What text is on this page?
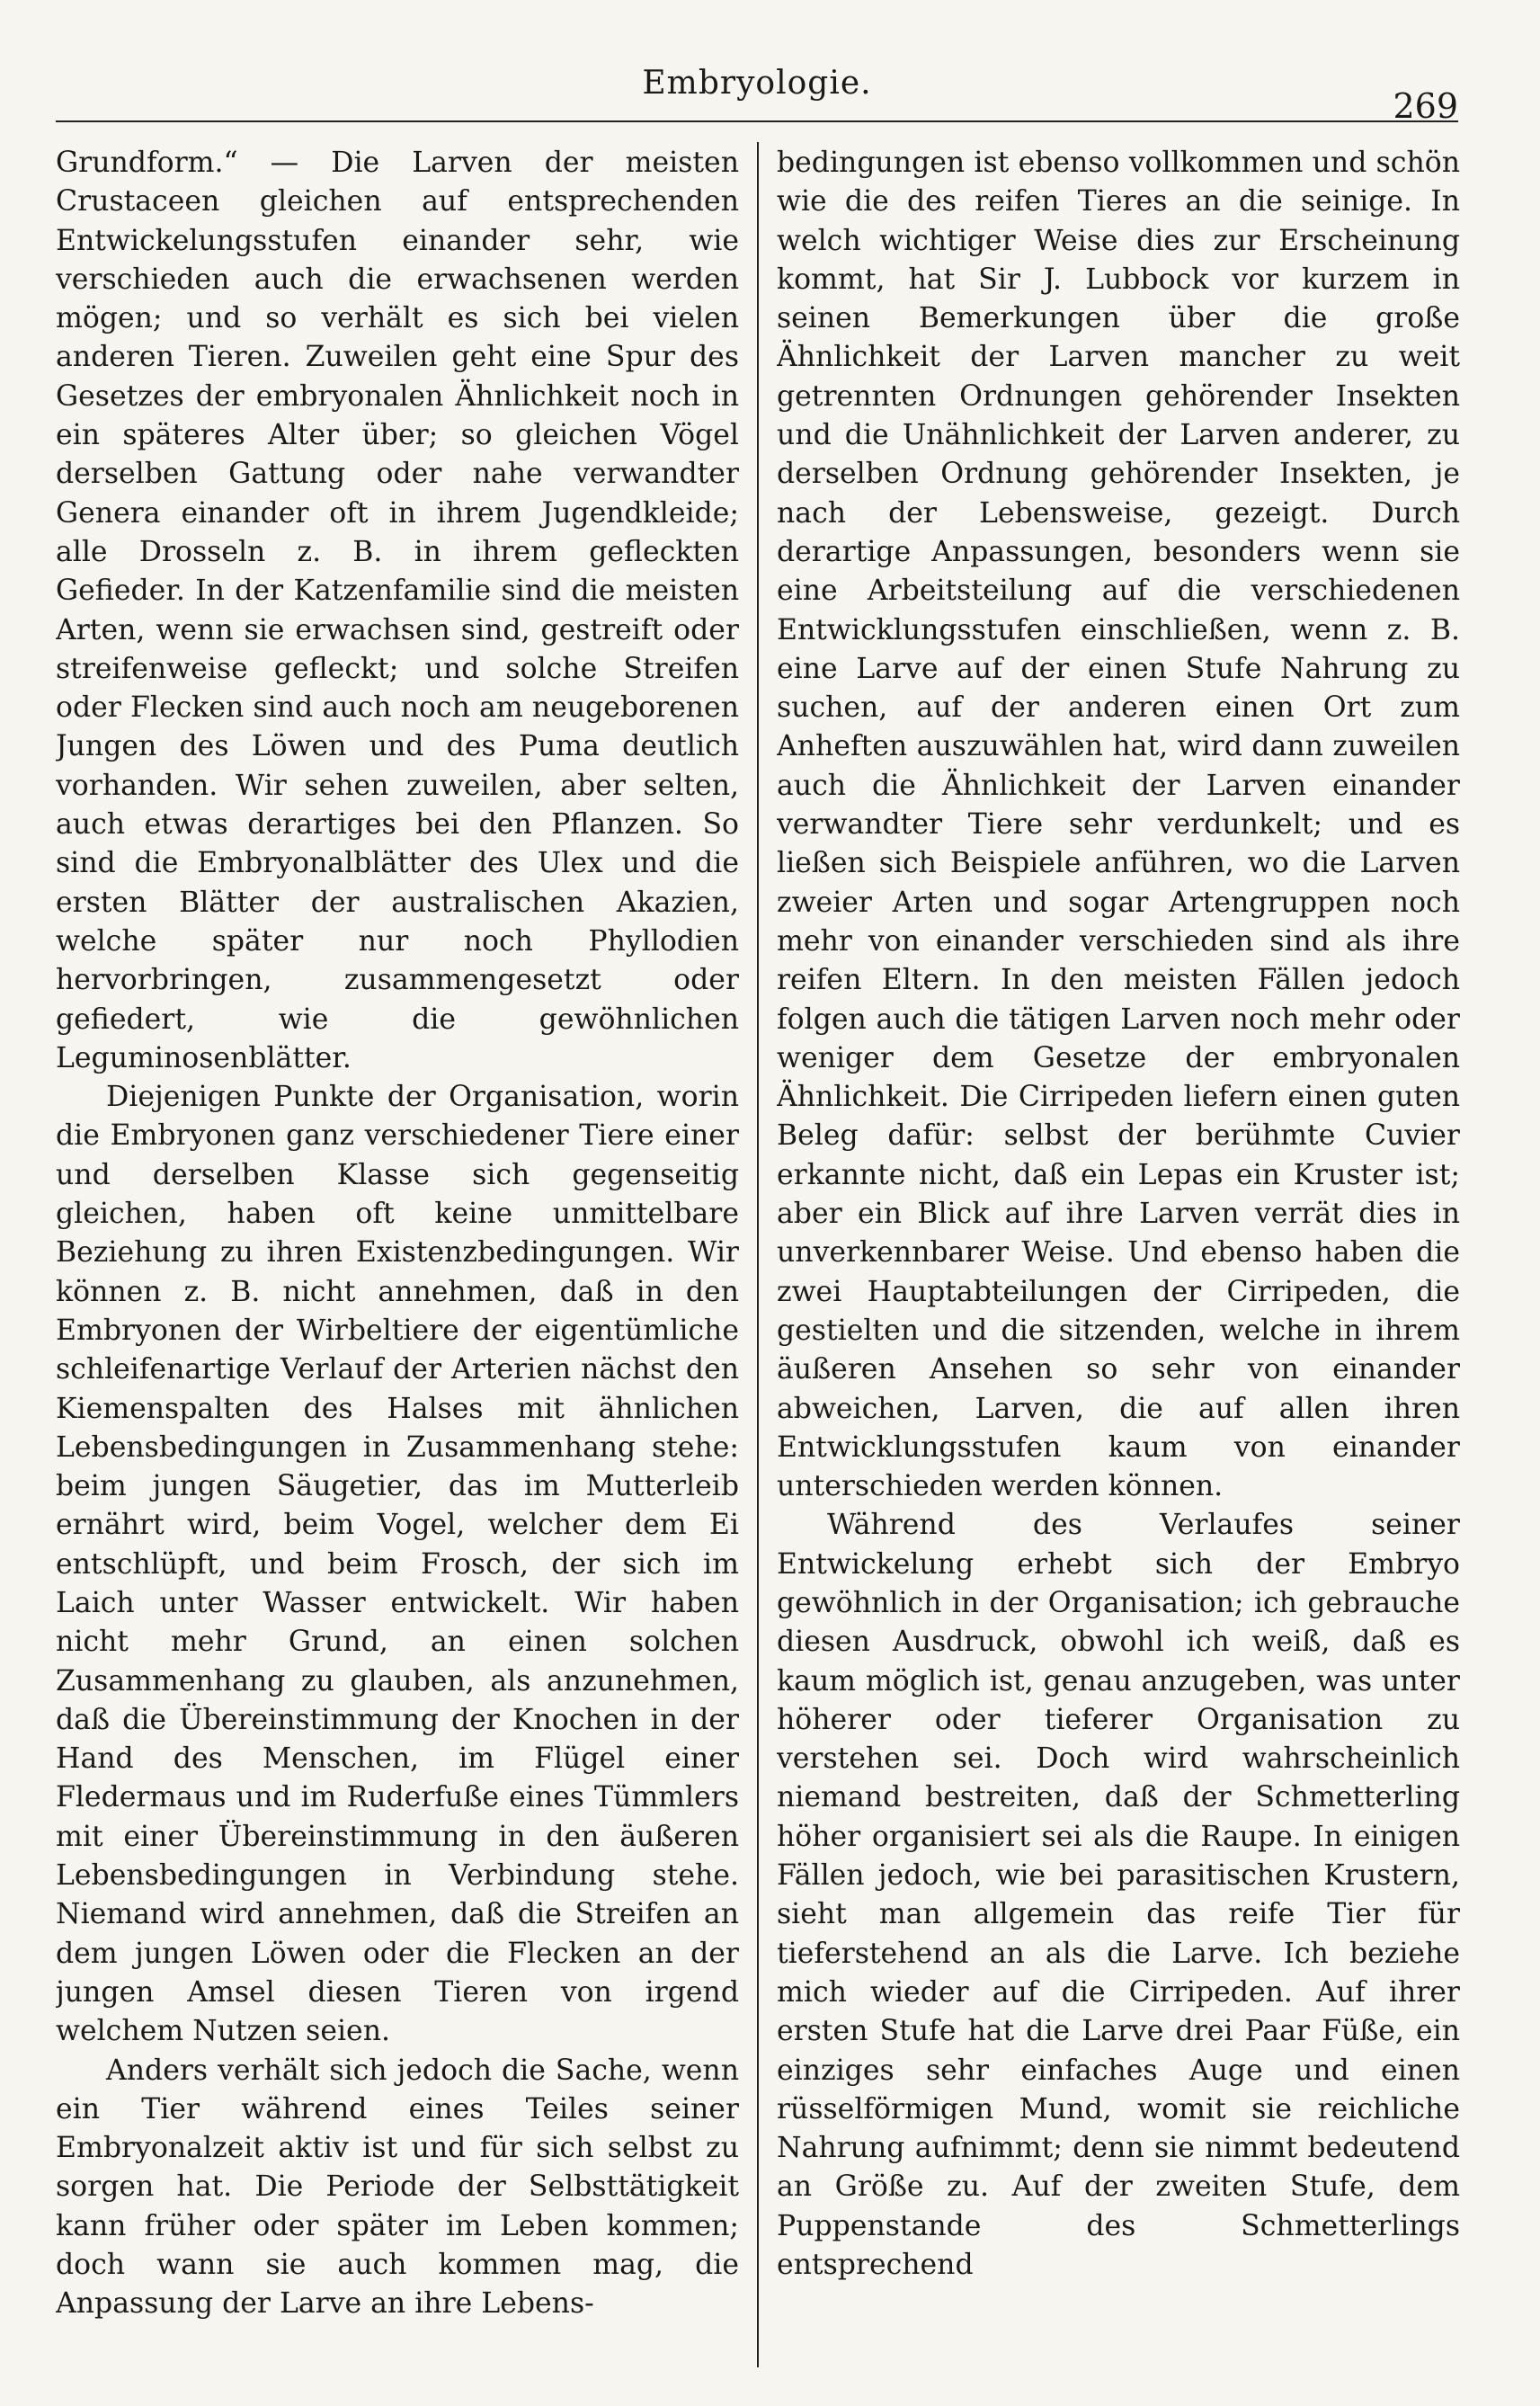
Embryologie.
269

Grundform.“ — Die Larven der meisten Crustaceen gleichen auf entsprechenden Entwickelungsstufen einander sehr, wie verschieden auch die erwachsenen werden mögen; und so verhält es sich bei vielen anderen Tieren. Zuweilen geht eine Spur des Gesetzes der embryonalen Ähnlichkeit noch in ein späteres Alter über; so gleichen Vögel derselben Gattung oder nahe verwandter Genera einander oft in ihrem Jugendkleide; alle Drosseln z. B. in ihrem gefleckten Gefieder. In der Katzenfamilie sind die meisten Arten, wenn sie erwachsen sind, gestreift oder streifenweise gefleckt; und solche Streifen oder Flecken sind auch noch am neugeborenen Jungen des Löwen und des Puma deutlich vorhanden. Wir sehen zuweilen, aber selten, auch etwas derartiges bei den Pflanzen. So sind die Embryonalblätter des Ulex und die ersten Blätter der australischen Akazien, welche später nur noch Phyllodien hervorbringen, zusammengesetzt oder gefiedert, wie die gewöhnlichen Leguminosenblätter.

Diejenigen Punkte der Organisation, worin die Embryonen ganz verschiedener Tiere einer und derselben Klasse sich gegenseitig gleichen, haben oft keine unmittelbare Beziehung zu ihren Existenzbedingungen. Wir können z. B. nicht annehmen, daß in den Embryonen der Wirbeltiere der eigentümliche schleifenartige Verlauf der Arterien nächst den Kiemenspalten des Halses mit ähnlichen Lebensbedingungen in Zusammenhang stehe: beim jungen Säugetier, das im Mutterleib ernährt wird, beim Vogel, welcher dem Ei entschlüpft, und beim Frosch, der sich im Laich unter Wasser entwickelt. Wir haben nicht mehr Grund, an einen solchen Zusammenhang zu glauben, als anzunehmen, daß die Übereinstimmung der Knochen in der Hand des Menschen, im Flügel einer Fledermaus und im Ruderfuße eines Tümmlers mit einer Übereinstimmung in den äußeren Lebensbedingungen in Verbindung stehe. Niemand wird annehmen, daß die Streifen an dem jungen Löwen oder die Flecken an der jungen Amsel diesen Tieren von irgend welchem Nutzen seien.

Anders verhält sich jedoch die Sache, wenn ein Tier während eines Teiles seiner Embryonalzeit aktiv ist und für sich selbst zu sorgen hat. Die Periode der Selbsttätigkeit kann früher oder später im Leben kommen; doch wann sie auch kommen mag, die Anpassung der Larve an ihre Lebens-

bedingungen ist ebenso vollkommen und schön wie die des reifen Tieres an die seinige. In welch wichtiger Weise dies zur Erscheinung kommt, hat Sir J. Lubbock vor kurzem in seinen Bemerkungen über die große Ähnlichkeit der Larven mancher zu weit getrennten Ordnungen gehörender Insekten und die Unähnlichkeit der Larven anderer, zu derselben Ordnung gehörender Insekten, je nach der Lebensweise, gezeigt. Durch derartige Anpassungen, besonders wenn sie eine Arbeitsteilung auf die verschiedenen Entwicklungsstufen einschließen, wenn z. B. eine Larve auf der einen Stufe Nahrung zu suchen, auf der anderen einen Ort zum Anheften auszuwählen hat, wird dann zuweilen auch die Ähnlichkeit der Larven einander verwandter Tiere sehr verdunkelt; und es ließen sich Beispiele anführen, wo die Larven zweier Arten und sogar Artengruppen noch mehr von einander verschieden sind als ihre reifen Eltern. In den meisten Fällen jedoch folgen auch die tätigen Larven noch mehr oder weniger dem Gesetze der embryonalen Ähnlichkeit. Die Cirripeden liefern einen guten Beleg dafür: selbst der berühmte Cuvier erkannte nicht, daß ein Lepas ein Kruster ist; aber ein Blick auf ihre Larven verrät dies in unverkennbarer Weise. Und ebenso haben die zwei Hauptabteilungen der Cirripeden, die gestielten und die sitzenden, welche in ihrem äußeren Ansehen so sehr von einander abweichen, Larven, die auf allen ihren Entwicklungsstufen kaum von einander unterschieden werden können.

Während des Verlaufes seiner Entwickelung erhebt sich der Embryo gewöhnlich in der Organisation; ich gebrauche diesen Ausdruck, obwohl ich weiß, daß es kaum möglich ist, genau anzugeben, was unter höherer oder tieferer Organisation zu verstehen sei. Doch wird wahrscheinlich niemand bestreiten, daß der Schmetterling höher organisiert sei als die Raupe. In einigen Fällen jedoch, wie bei parasitischen Krustern, sieht man allgemein das reife Tier für tieferstehend an als die Larve. Ich beziehe mich wieder auf die Cirripeden. Auf ihrer ersten Stufe hat die Larve drei Paar Füße, ein einziges sehr einfaches Auge und einen rüsselförmigen Mund, womit sie reichliche Nahrung aufnimmt; denn sie nimmt bedeutend an Größe zu. Auf der zweiten Stufe, dem Puppenstande des Schmetterlings entsprechend
